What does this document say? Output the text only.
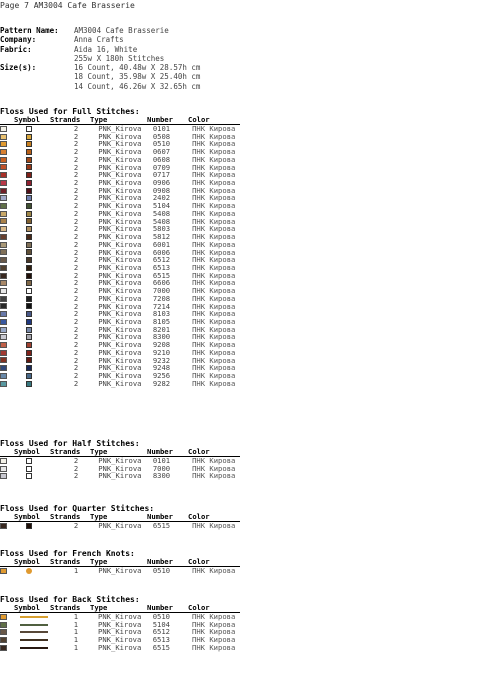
Page 7 AM3004 Cafe Brasserie
Pattern Name:	AM3004 Cafe Brasserie
Company:	Anna Crafts
Fabric:	Aida 16, White
255w X 180h Stitches
Size(s):	16 Count, 40.48w X 28.57h cm
18 Count, 35.98w X 25.40h cm
14 Count, 46.26w X 32.65h cm
Floss Used for Full Stitches:
Symbol	Strands	Type	Number	Color
2	PNK_Kirova	0101	ПНК Кирова
2	PNK_Kirova	0508	ПНК Кирова
2	PNK_Kirova	0510	ПНК Кирова
2	PNK_Kirova	0607	ПНК Кирова
2	PNK_Kirova	0608	ПНК Кирова
2	PNK_Kirova	0709	ПНК Кирова
2	PNK_Kirova	0717	ПНК Кирова
2	PNK_Kirova	0906	ПНК Кирова
2	PNK_Kirova	0908	ПНК Кирова
2	PNK_Kirova	2402	ПНК Кирова
2	PNK_Kirova	5104	ПНК Кирова
2	PNK_Kirova	5408	ПНК Кирова
2	PNK_Kirova	5408	ПНК Кирова
2	PNK_Kirova	5803	ПНК Кирова
2	PNK_Kirova	5812	ПНК Кирова
2	PNK_Kirova	6001	ПНК Кирова
2	PNK_Kirova	6006	ПНК Кирова
2	PNK_Kirova	6512	ПНК Кирова
2	PNK_Kirova	6513	ПНК Кирова
2	PNK_Kirova	6515	ПНК Кирова
2	PNK_Kirova	6606	ПНК Кирова
2	PNK_Kirova	7000	ПНК Кирова
2	PNK_Kirova	7208	ПНК Кирова
2	PNK_Kirova	7214	ПНК Кирова
2	PNK_Kirova	8103	ПНК Кирова
2	PNK_Kirova	8105	ПНК Кирова
2	PNK_Kirova	8201	ПНК Кирова
2	PNK_Kirova	8300	ПНК Кирова
2	PNK_Kirova	9208	ПНК Кирова
2	PNK_Kirova	9210	ПНК Кирова
2	PNK_Kirova	9232	ПНК Кирова
2	PNK_Kirova	9248	ПНК Кирова
2	PNK_Kirova	9256	ПНК Кирова
2	PNK_Kirova	9282	ПНК Кирова
Floss Used for Half Stitches:
Symbol	Strands	Type	Number	Color
2	PNK_Kirova	0101	ПНК Кирова
2	PNK_Kirova	7000	ПНК Кирова
2	PNK_Kirova	8300	ПНК Кирова
Floss Used for Quarter Stitches:
Symbol	Strands	Type	Number	Color
2	PNK_Kirova	6515	ПНК Кирова
Floss Used for French Knots:
Symbol	Strands	Type	Number	Color
1	PNK_Kirova	0510	ПНК Кирова
Floss Used for Back Stitches:
Symbol	Strands	Type	Number	Color
1	PNK_Kirova	0510	ПНК Кирова
1	PNK_Kirova	5104	ПНК Кирова
1	PNK_Kirova	6512	ПНК Кирова
1	PNK_Kirova	6513	ПНК Кирова
1	PNK_Kirova	6515	ПНК Кирова
